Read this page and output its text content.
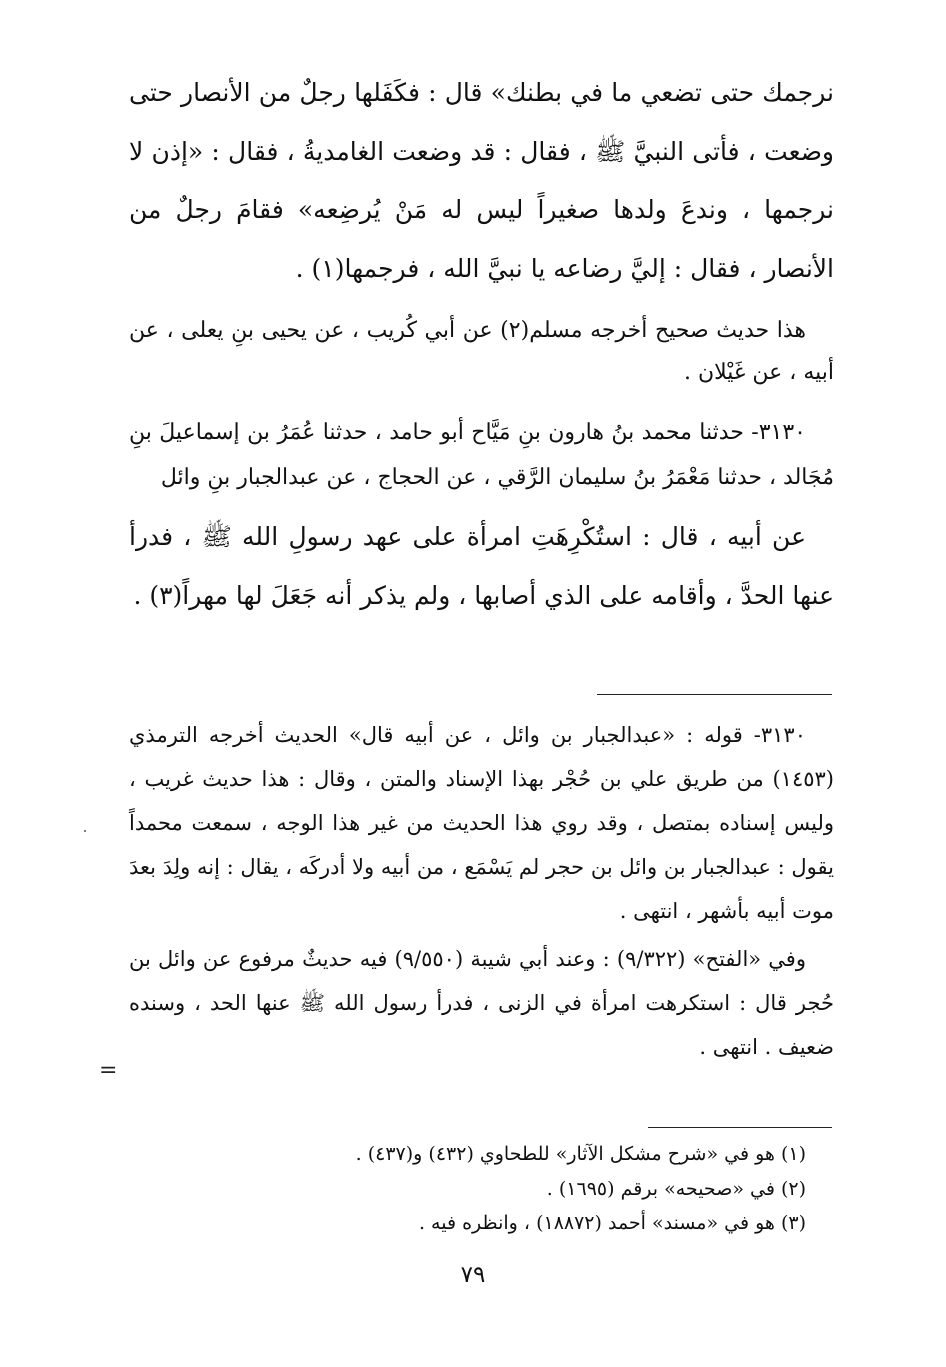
نرجمك حتى تضعي ما في بطنك» قال : فكَفَلها رجلٌ من الأنصار حتى وضعت ، فأتى النبيَّ ﷺ ، فقال : قد وضعت الغامديةُ ، فقال : «إذن لا نرجمها ، وندعَ ولدها صغيراً ليس له مَنْ يُرضِعه» فقامَ رجلٌ من الأنصار ، فقال : إليَّ رضاعه يا نبيَّ الله ، فرجمها(١) .

هذا حديث صحيح أخرجه مسلم(٢) عن أبي كُريب ، عن يحيى بنِ يعلى ، عن أبيه ، عن غَيْلان .

٣١٣٠- حدثنا محمد بنُ هارون بنِ مَيَّاح أبو حامد ، حدثنا عُمَرُ بن إسماعيلَ بنِ مُجَالد ، حدثنا مَعْمَرُ بنُ سليمان الرَّقي ، عن الحجاج ، عن عبدالجبار بنِ وائل

عن أبيه ، قال : استُكْرِهَتِ امرأة على عهد رسولِ الله ﷺ ، فدرأ عنها الحدَّ ، وأقامه على الذي أصابها ، ولم يذكر أنه جَعَلَ لها مهراً(٣) .

٣١٣٠- قوله : «عبدالجبار بن وائل ، عن أبيه قال» الحديث أخرجه الترمذي (١٤٥٣) من طريق علي بن حُجْر بهذا الإسناد والمتن ، وقال : هذا حديث غريب ، وليس إسناده بمتصل ، وقد روي هذا الحديث من غير هذا الوجه ، سمعت محمداً يقول : عبدالجبار بن وائل بن حجر لم يَسْمَع ، من أبيه ولا أدركَه ، يقال : إنه ولِدَ بعدَ موت أبيه بأشهر ، انتهى .

وفي «الفتح» (٩/٣٢٢) : وعند أبي شيبة (٩/٥٥٠) فيه حديثٌ مرفوع عن وائل بن حُجر قال : استكرهت امرأة في الزنى ، فدرأ رسول الله ﷺ عنها الحد ، وسنده ضعيف . انتهى .

=

(١) هو في «شرح مشكل الآثار» للطحاوي (٤٣٢) و(٤٣٧) .

(٢) في «صحيحه» برقم (١٦٩٥) .

(٣) هو في «مسند» أحمد (١٨٨٧٢) ، وانظره فيه .

٧٩
